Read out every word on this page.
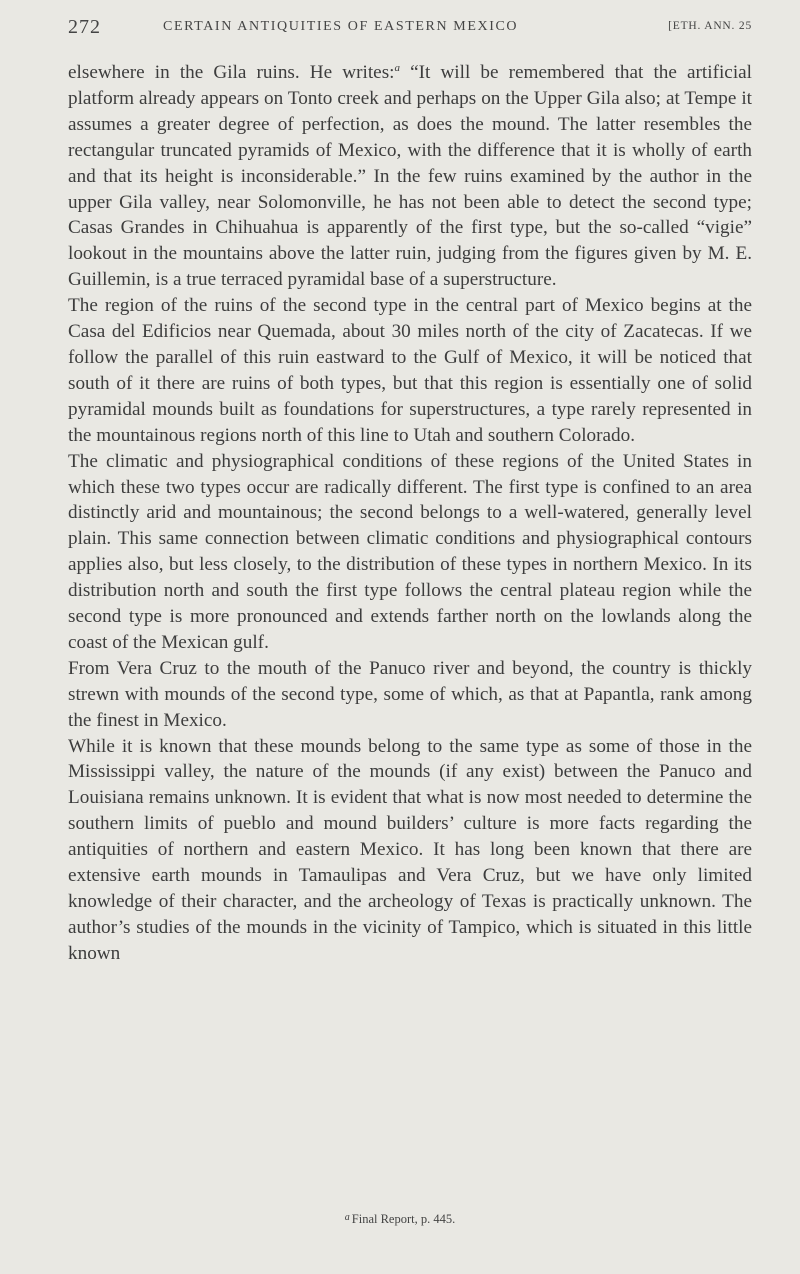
272	CERTAIN ANTIQUITIES OF EASTERN MEXICO	[ETH. ANN. 25

elsewhere in the Gila ruins. He writes:$^a$ “It will be remembered that the artificial platform already appears on Tonto creek and perhaps on the Upper Gila also; at Tempe it assumes a greater degree of perfection, as does the mound. The latter resembles the rectangular truncated pyramids of Mexico, with the difference that it is wholly of earth and that its height is inconsiderable.” In the few ruins examined by the author in the upper Gila valley, near Solomonville, he has not been able to detect the second type; Casas Grandes in Chihuahua is apparently of the first type, but the so-called “vigie” lookout in the mountains above the latter ruin, judging from the figures given by M. E. Guillemin, is a true terraced pyramidal base of a superstructure.

The region of the ruins of the second type in the central part of Mexico begins at the Casa del Edificios near Quemada, about 30 miles north of the city of Zacatecas. If we follow the parallel of this ruin eastward to the Gulf of Mexico, it will be noticed that south of it there are ruins of both types, but that this region is essentially one of solid pyramidal mounds built as foundations for superstructures, a type rarely represented in the mountainous regions north of this line to Utah and southern Colorado.

The climatic and physiographical conditions of these regions of the United States in which these two types occur are radically different. The first type is confined to an area distinctly arid and mountainous; the second belongs to a well-watered, generally level plain. This same connection between climatic conditions and physiographical contours applies also, but less closely, to the distribution of these types in northern Mexico. In its distribution north and south the first type follows the central plateau region while the second type is more pronounced and extends farther north on the lowlands along the coast of the Mexican gulf.

From Vera Cruz to the mouth of the Panuco river and beyond, the country is thickly strewn with mounds of the second type, some of which, as that at Papantla, rank among the finest in Mexico.

While it is known that these mounds belong to the same type as some of those in the Mississippi valley, the nature of the mounds (if any exist) between the Panuco and Louisiana remains unknown. It is evident that what is now most needed to determine the southern limits of pueblo and mound builders’ culture is more facts regarding the antiquities of northern and eastern Mexico. It has long been known that there are extensive earth mounds in Tamaulipas and Vera Cruz, but we have only limited knowledge of their character, and the archeology of Texas is practically unknown. The author’s studies of the mounds in the vicinity of Tampico, which is situated in this little known

$^a$ Final Report, p. 445.
